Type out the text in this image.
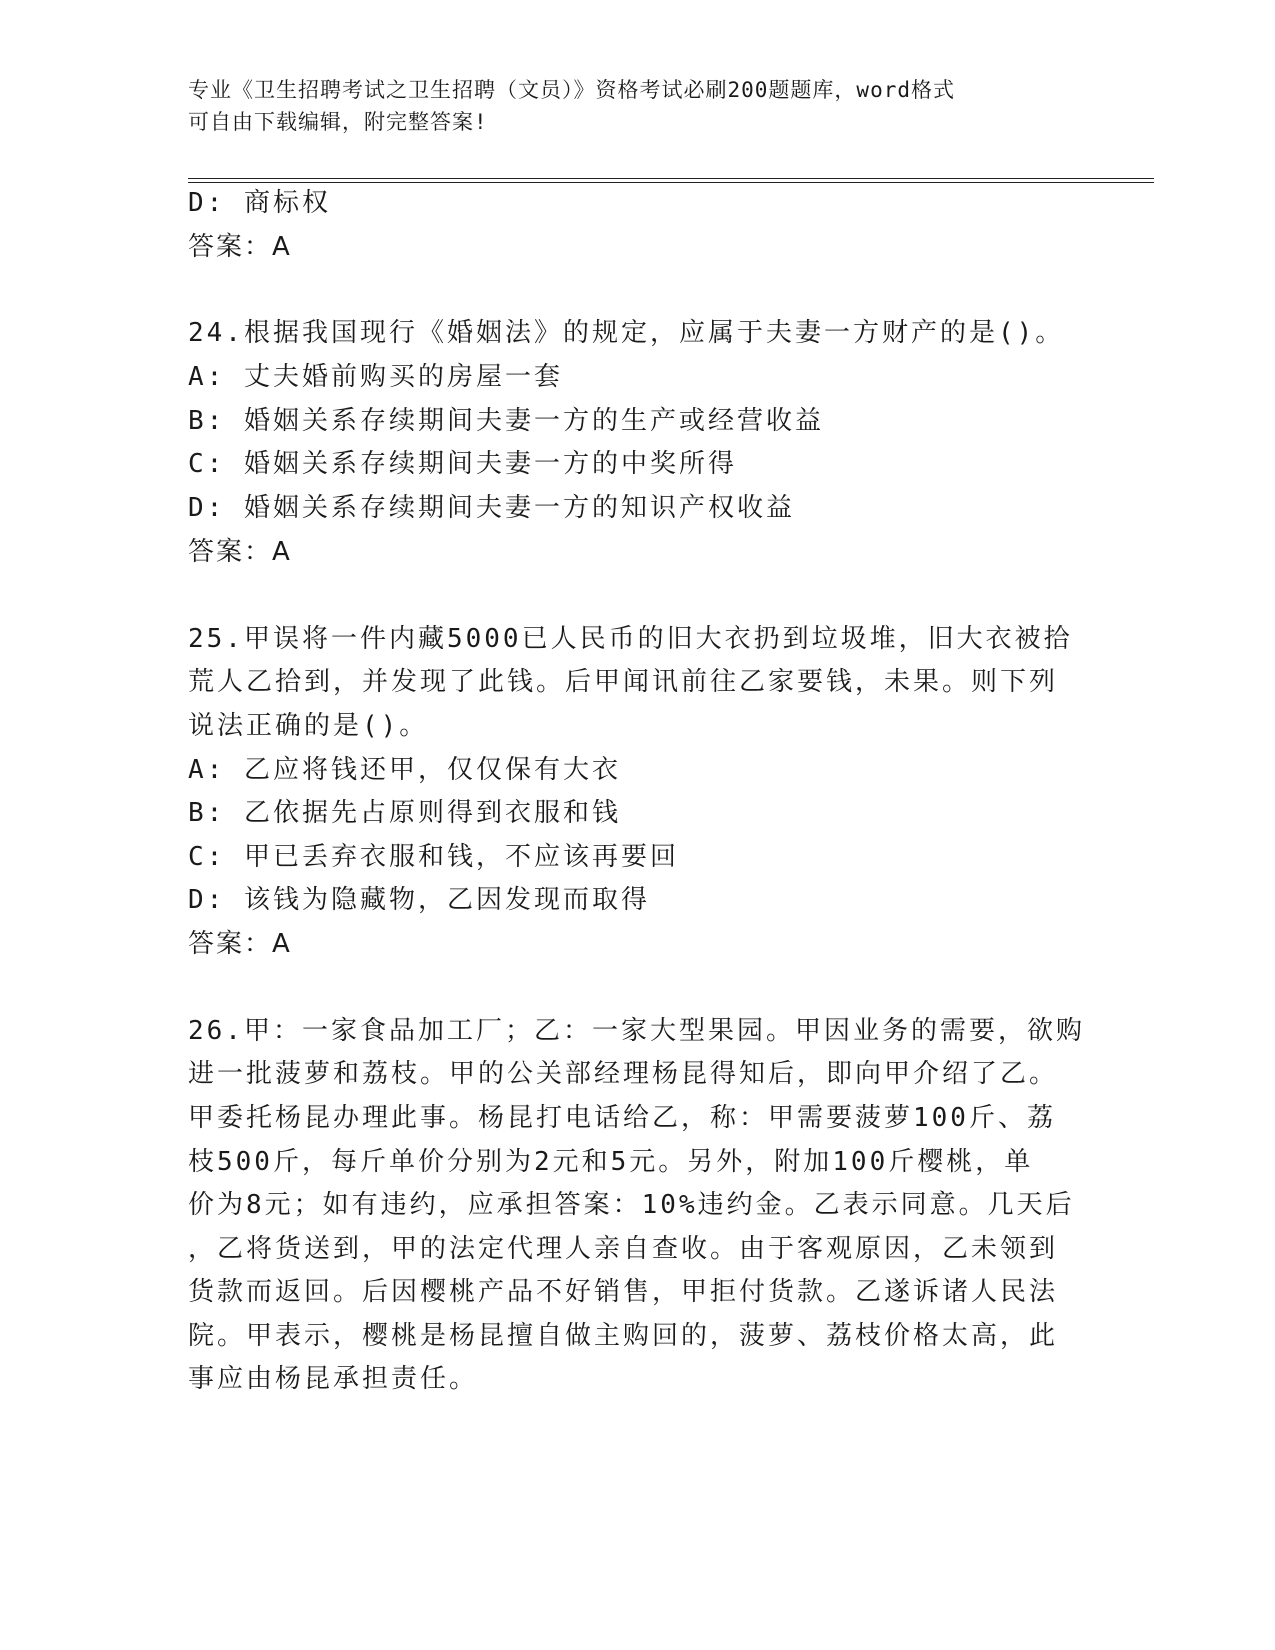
专业《卫生招聘考试之卫生招聘（文员）》资格考试必刷200题题库，word格式
可自由下载编辑，附完整答案!
D: 商标权
答案：A
24.根据我国现行《婚姻法》的规定，应属于夫妻一方财产的是()。
A: 丈夫婚前购买的房屋一套
B: 婚姻关系存续期间夫妻一方的生产或经营收益
C: 婚姻关系存续期间夫妻一方的中奖所得
D: 婚姻关系存续期间夫妻一方的知识产权收益
答案：A
25.甲误将一件内藏5000已人民币的旧大衣扔到垃圾堆，旧大衣被拾
荒人乙拾到，并发现了此钱。后甲闻讯前往乙家要钱，未果。则下列
说法正确的是()。
A: 乙应将钱还甲，仅仅保有大衣
B: 乙依据先占原则得到衣服和钱
C: 甲已丢弃衣服和钱，不应该再要回
D: 该钱为隐藏物，乙因发现而取得
答案：A
26.甲：一家食品加工厂；乙：一家大型果园。甲因业务的需要，欲购
进一批菠萝和荔枝。甲的公关部经理杨昆得知后，即向甲介绍了乙。
甲委托杨昆办理此事。杨昆打电话给乙，称：甲需要菠萝100斤、荔
枝500斤，每斤单价分别为2元和5元。另外，附加100斤樱桃，单
价为8元；如有违约，应承担答案：10%违约金。乙表示同意。几天后
，乙将货送到，甲的法定代理人亲自查收。由于客观原因，乙未领到
货款而返回。后因樱桃产品不好销售，甲拒付货款。乙遂诉诸人民法
院。甲表示，樱桃是杨昆擅自做主购回的，菠萝、荔枝价格太高，此
事应由杨昆承担责任。
